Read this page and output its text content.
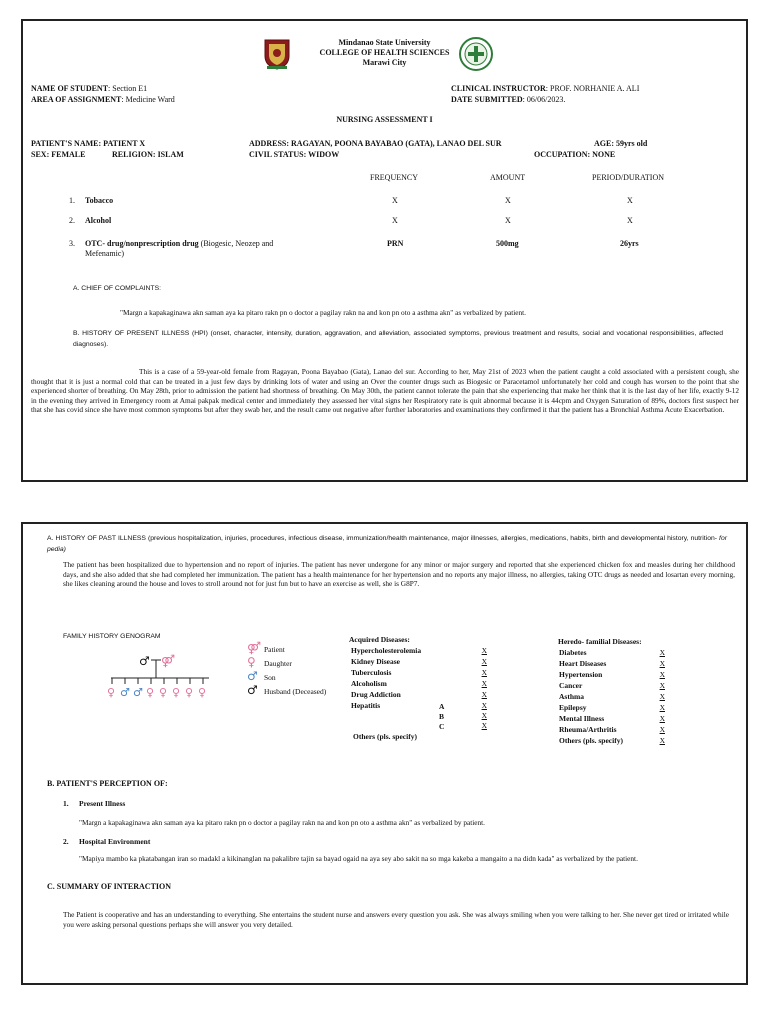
Mindanao State University
COLLEGE OF HEALTH SCIENCES
Marawi City
NAME OF STUDENT: Section E1
AREA OF ASSIGNMENT: Medicine Ward
CLINICAL INSTRUCTOR: PROF. NORHANIE A. ALI
DATE SUBMITTED: 06/06/2023.
NURSING ASSESSMENT I
PATIENT'S NAME: PATIENT X	ADDRESS: RAGAYAN, POONA BAYABAO (GATA), LANAO DEL SUR	AGE: 59yrs old
SEX: FEMALE	RELIGION: ISLAM	CIVIL STATUS: WIDOW	OCCUPATION: NONE
FREQUENCY	AMOUNT	PERIOD/DURATION
1. Tobacco	X	X	X
2. Alcohol	X	X	X
3. OTC- drug/nonprescription drug (Biogesic, Neozep and
Mefenamic)
PRN	500mg	26yrs
A. CHIEF OF COMPLAINTS:
"Margn a kapakaginawa akn saman aya ka pitaro rakn pn o doctor a pagilay rakn na and kon pn oto a asthma akn" as verbalized by patient.
B. HISTORY OF PRESENT ILLNESS (HPI) (onset, character, intensity, duration, aggravation, and alleviation, associated symptoms, previous treatment and results, social and vocational responsibilities, affected diagnoses).
This is a case of a 59-year-old female from Ragayan, Poona Bayabao (Gata), Lanao del sur. According to her, May 21st of 2023 when the patient caught a cold associated with a persistent cough, she thought that it is just a normal cold that can be treated in a just few days by drinking lots of water and using an Over the counter drugs such as Biogesic or Paracetamol unfortunately her cold and cough has worsen to the point that she experienced shorter of breathing. On May 28th, prior to admission the patient had shortness of breathing. On May 30th, the patient cannot tolerate the pain that she experiencing that make her think that it is the last day of her life, exactly 9-12 in the evening they arrived in Emergency room at Amai pakpak medical center and immediately they assessed her vital signs her Respiratory rate is quit abnormal because it is 44cpm and Oxygen Saturation of 89%, doctors first suspect her that she has covid since she have most common symptoms but after they swab her, and the result came out negative after further laboratories and examinations they confirmed it that the patient has a Bronchial Asthma Acute Exacerbation.
A. HISTORY OF PAST ILLNESS (previous hospitalization, injuries, procedures, infectious disease, immunization/health maintenance, major illnesses, allergies, medications, habits, birth and developmental history, nutrition- for pedia)
The patient has been hospitalized due to hypertension and no report of injuries. The patient has never undergone for any minor or major surgery and reported that she experienced chicken fox and measles during her childhood days, and she also added that she had completed her immunization. The patient has a health maintenance for her hypertension and no reports any major illness, no allergies, taking OTC drugs as needed and losartan every morning, she likes cleaning around the house and loves to stroll around not for just fun but to have an exercise as well, she is G8P7.
FAMILY HISTORY GENOGRAM
♂ ⚤
♀ ♂ ♂ ♀ ♀ ♀ ♀ ♀
⚤ Patient
♀ Daughter
♂ Son
♂ Husband (Deceased)
Acquired Diseases:
Hypercholesterolemia	X
Kidney Disease	X
Tuberculosis	X
Alcoholism	X
Drug Addiction	X
Hepatitis	A	X
B	X
C	X
Others (pls. specify)
Heredo- familial Diseases:
Diabetes	X
Heart Diseases	X
Hypertension	X
Cancer	X
Asthma	X
Epilepsy	X
Mental Illness	X
Rheuma/Arthritis	X
Others (pls. specify)	X
B. PATIENT'S PERCEPTION OF:
1. Present Illness
"Margn a kapakaginawa akn saman aya ka pitaro rakn pn o doctor a pagilay rakn na and kon pn oto a asthma akn" as verbalized by patient.
2. Hospital Environment
"Mapiya mambo ka pkatabangan iran so madakl a kikinanglan na pakalibre tajin sa bayad ogaid na aya sey abo sakit na so mga kakeba a mangaito a na didn kada" as verbalized by the patient.
C. SUMMARY OF INTERACTION
The Patient is cooperative and has an understanding to everything. She entertains the student nurse and answers every question you ask. She was always smiling when you were talking to her. She never get tired or irritated while you were asking personal questions perhaps she will answer you very detailed.
